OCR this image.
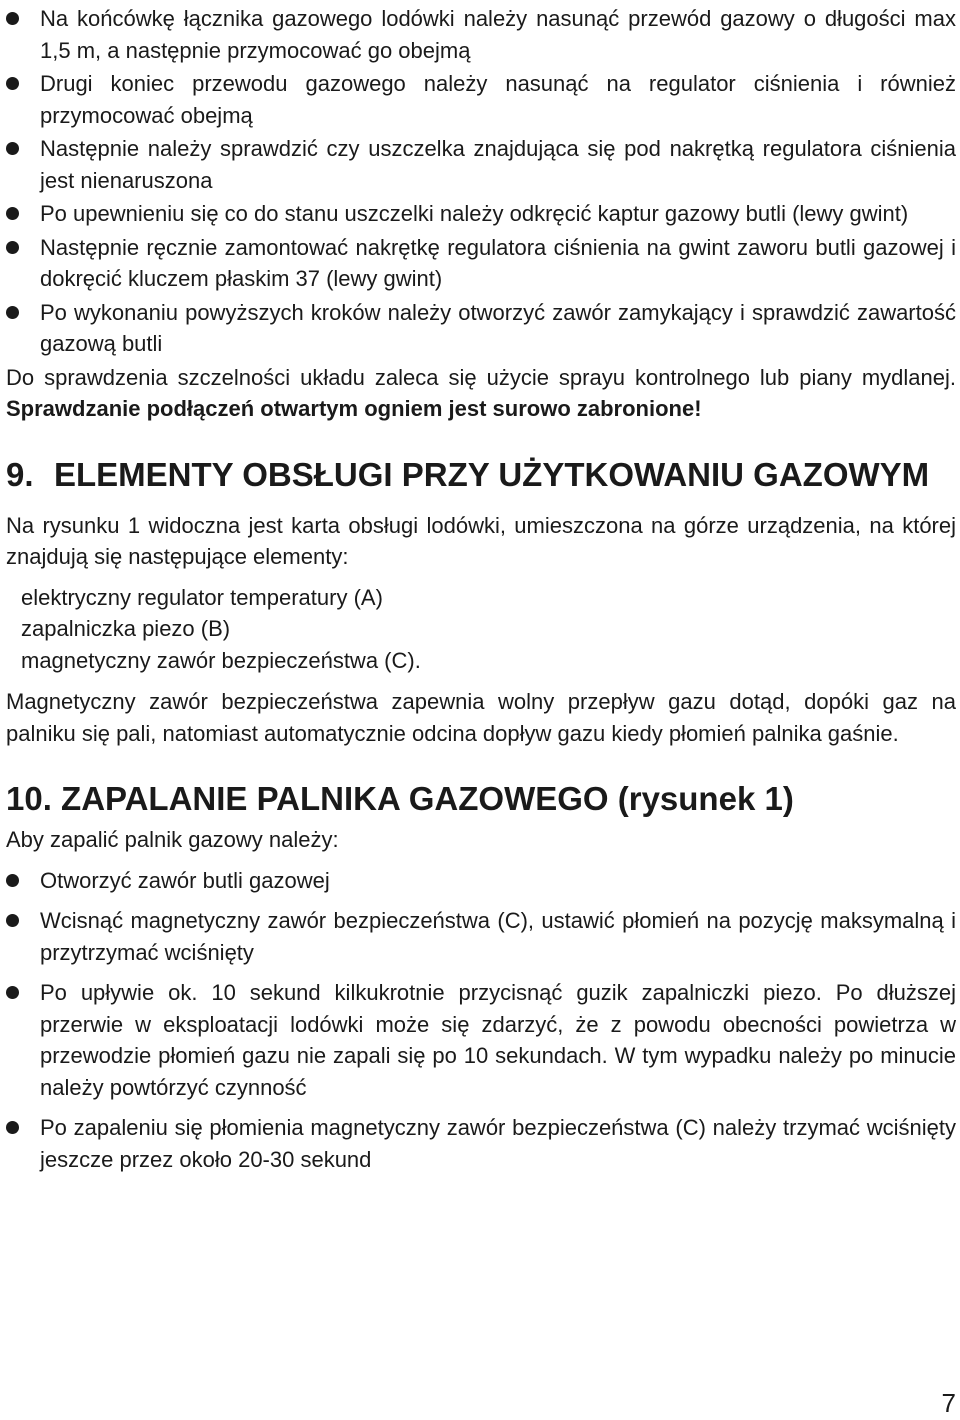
Na końcówkę łącznika gazowego lodówki należy nasunąć przewód gazowy o długości max 1,5 m, a następnie przymocować go obejmą
Drugi koniec przewodu gazowego należy nasunąć na regulator ciśnienia i również przymocować obejmą
Następnie należy sprawdzić czy uszczelka znajdująca się pod nakrętką regulatora ciśnienia jest nienaruszona
Po upewnieniu się co do stanu uszczelki należy odkręcić kaptur gazowy butli (lewy gwint)
Następnie ręcznie zamontować nakrętkę regulatora ciśnienia na gwint zaworu butli gazowej i dokręcić kluczem płaskim 37 (lewy gwint)
Po wykonaniu powyższych kroków należy otworzyć zawór zamykający i sprawdzić zawartość gazową butli

Do sprawdzenia szczelności układu zaleca się użycie sprayu kontrolnego lub piany mydlanej. Sprawdzanie podłączeń otwartym ogniem jest surowo zabronione!

9. ELEMENTY OBSŁUGI PRZY UŻYTKOWANIU GAZOWYM

Na rysunku 1 widoczna jest karta obsługi lodówki, umieszczona na górze urządzenia, na której znajdują się następujące elementy:

elektryczny regulator temperatury (A)

zapalniczka piezo (B)

magnetyczny zawór bezpieczeństwa (C).

Magnetyczny zawór bezpieczeństwa zapewnia wolny przepływ gazu dotąd, dopóki gaz na palniku się pali, natomiast automatycznie odcina dopływ gazu kiedy płomień palnika gaśnie.

10. ZAPALANIE PALNIKA GAZOWEGO (rysunek 1)

Aby zapalić palnik gazowy należy:

Otworzyć zawór butli gazowej
Wcisnąć magnetyczny zawór bezpieczeństwa (C), ustawić płomień na pozycję maksymalną i przytrzymać wciśnięty
Po upływie ok. 10 sekund kilkukrotnie przycisnąć guzik zapalniczki piezo. Po dłuższej przerwie w eksploatacji lodówki może się zdarzyć, że z powodu obecności powietrza w przewodzie płomień gazu nie zapali się po 10 sekundach. W tym wypadku należy po minucie należy powtórzyć czynność
Po zapaleniu się płomienia magnetyczny zawór bezpieczeństwa (C) należy trzymać wciśnięty jeszcze przez około 20-30 sekund
7
